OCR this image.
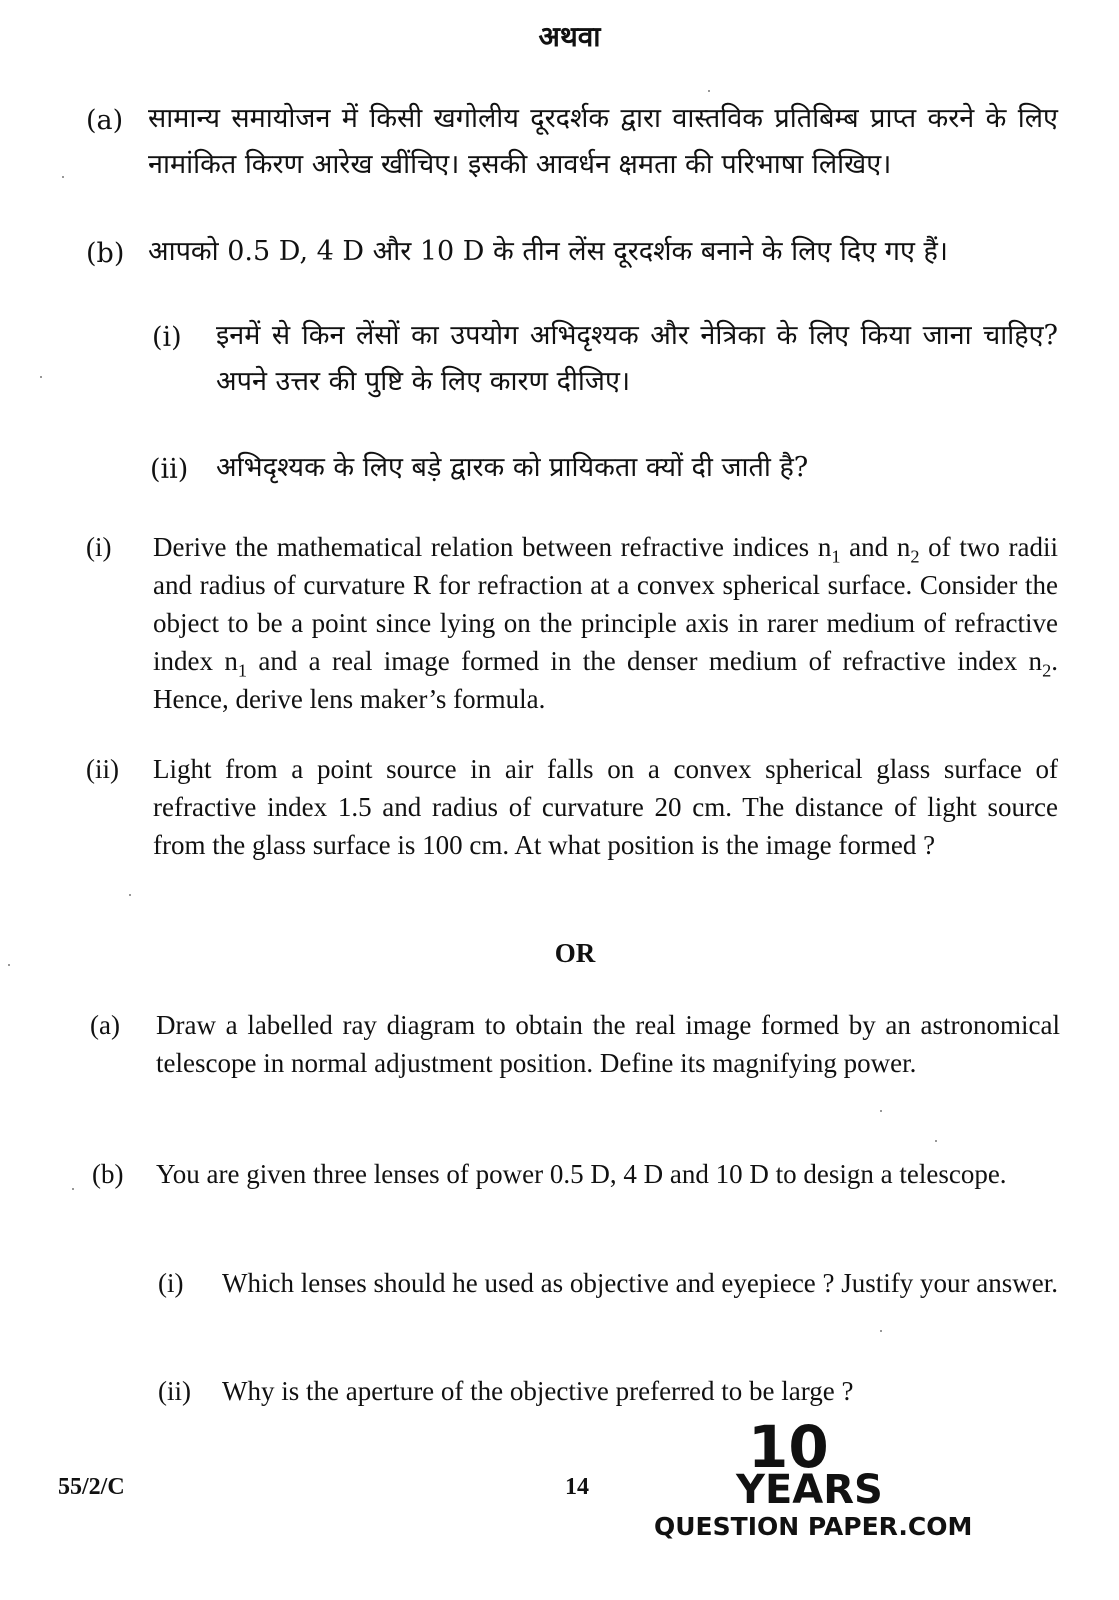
अथवा
(a) सामान्य समायोजन में किसी खगोलीय दूरदर्शक द्वारा वास्तविक प्रतिबिम्ब प्राप्त करने के लिए नामांकित किरण आरेख खींचिए। इसकी आवर्धन क्षमता की परिभाषा लिखिए।

(b) आपको 0.5 D, 4 D और 10 D के तीन लेंस दूरदर्शक बनाने के लिए दिए गए हैं।

(i) इनमें से किन लेंसों का उपयोग अभिदृश्यक और नेत्रिका के लिए किया जाना चाहिए? अपने उत्तर की पुष्टि के लिए कारण दीजिए।

(ii) अभिदृश्यक के लिए बड़े द्वारक को प्रायिकता क्यों दी जाती है?

(i) Derive the mathematical relation between refractive indices $n_1$ and $n_2$ of two radii and radius of curvature R for refraction at a convex spherical surface. Consider the object to be a point since lying on the principle axis in rarer medium of refractive index $n_1$ and a real image formed in the denser medium of refractive index $n_2$. Hence, derive lens maker’s formula.

(ii) Light from a point source in air falls on a convex spherical glass surface of refractive index 1.5 and radius of curvature 20 cm. The distance of light source from the glass surface is 100 cm. At what position is the image formed ?

OR
(a) Draw a labelled ray diagram to obtain the real image formed by an astronomical telescope in normal adjustment position. Define its magnifying power.

(b) You are given three lenses of power 0.5 D, 4 D and 10 D to design a telescope.

(i) Which lenses should he used as objective and eyepiece ? Justify your answer.

(ii) Why is the aperture of the objective preferred to be large ?

55/2/C	14
10
YEARS
QUESTION PAPER.COM
